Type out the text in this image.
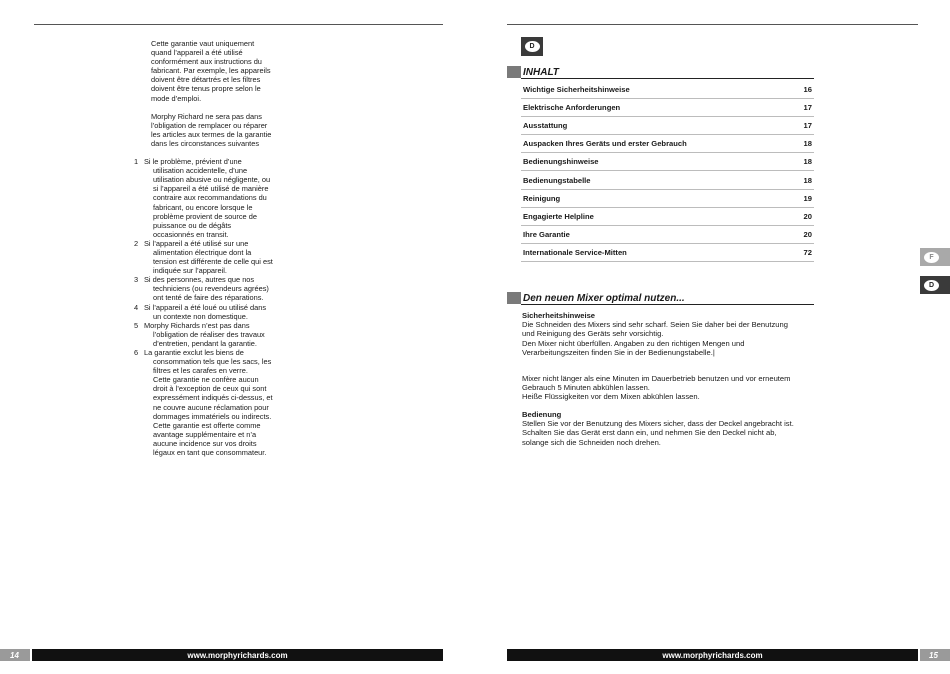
Cette garantie vaut uniquement
quand l’appareil a été utilisé
conformément aux instructions du
fabricant. Par exemple, les appareils
doivent être détartrés et les filtres
doivent être tenus propre selon le
mode d’emploi.
Morphy Richard ne sera pas dans
l’obligation de remplacer ou réparer
les articles aux termes de la garantie
dans les circonstances suivantes
1 Si le problème, prévient d’une
utilisation accidentelle, d’une
utilisation abusive ou négligente, ou
si l’appareil a été utilisé de manière
contraire aux recommandations du
fabricant, ou encore lorsque le
problème provient de source de
puissance ou de dégâts
occasionnés en transit.
2 Si l’appareil a été utilisé sur une
alimentation électrique dont la
tension est différente de celle qui est
indiquée sur l’appareil.
3 Si des personnes, autres que nos
techniciens (ou revendeurs agrées)
ont tenté de faire des réparations.
4 Si l’appareil a été loué ou utilisé dans
un contexte non domestique.
5 Morphy Richards n’est pas dans
l’obligation de réaliser des travaux
d’entretien, pendant la garantie.
6 La garantie exclut les biens de
consommation tels que les sacs, les
filtres et les carafes en verre.
Cette garantie ne confère aucun
droit à l’exception de ceux qui sont
expressément indiqués ci-dessus, et
ne couvre aucune réclamation pour
dommages immatériels ou indirects.
Cette garantie est offerte comme
avantage supplémentaire et n’a
aucune incidence sur vos droits
légaux en tant que consommateur.
D
INHALT
Wichtige Sicherheitshinweise	16
Elektrische Anforderungen	17
Ausstattung	17
Auspacken Ihres Geräts und erster Gebrauch	18
Bedienungshinweise	18
Bedienungstabelle	18
Reinigung	19
Engagierte Helpline	20
Ihre Garantie	20
Internationale Service-Mitten	72
Den neuen Mixer optimal nutzen...
Sicherheitshinweise
Die Schneiden des Mixers sind sehr scharf. Seien Sie daher bei der Benutzung
und Reinigung des Geräts sehr vorsichtig.
Den Mixer nicht überfüllen. Angaben zu den richtigen Mengen und
Verarbeitungszeiten finden Sie in der Bedienungstabelle.|
Mixer nicht länger als eine Minuten im Dauerbetrieb benutzen und vor erneutem
Gebrauch 5 Minuten abkühlen lassen.
Heiße Flüssigkeiten vor dem Mixen abkühlen lassen.
Bedienung
Stellen Sie vor der Benutzung des Mixers sicher, dass der Deckel angebracht ist.
Schalten Sie das Gerät erst dann ein, und nehmen Sie den Deckel nicht ab,
solange sich die Schneiden noch drehen.
F
D
14	www.morphyrichards.com	www.morphyrichards.com	15
